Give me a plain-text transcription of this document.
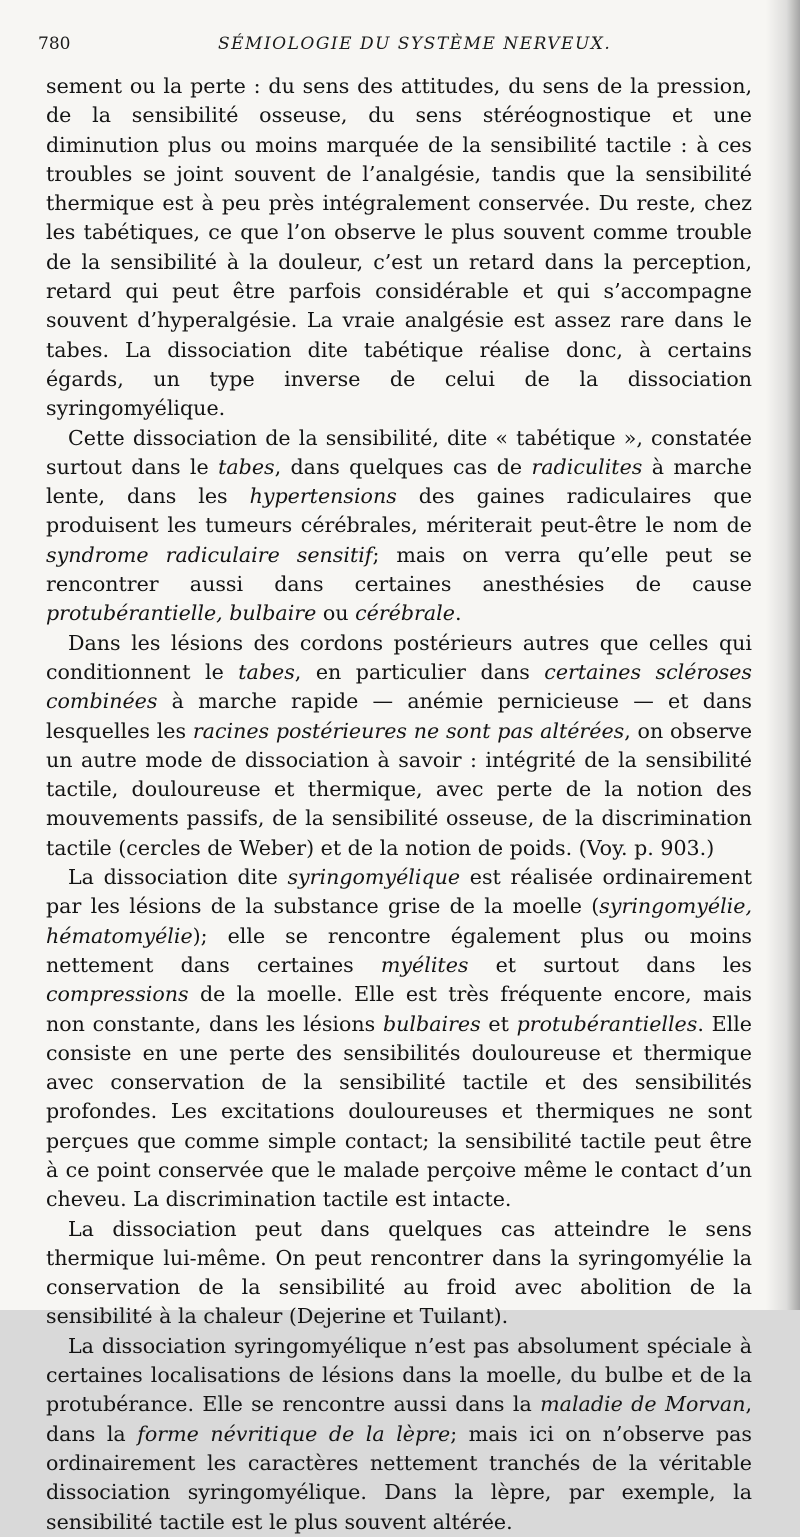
780	SÉMIOLOGIE DU SYSTÈME NERVEUX.

sement ou la perte : du sens des attitudes, du sens de la pression, de la sensibilité osseuse, du sens stéréognostique et une diminution plus ou moins marquée de la sensibilité tactile : à ces troubles se joint souvent de l’analgésie, tandis que la sensibilité thermique est à peu près intégralement conservée. Du reste, chez les tabétiques, ce que l’on observe le plus souvent comme trouble de la sensibilité à la douleur, c’est un retard dans la perception, retard qui peut être parfois considérable et qui s’accompagne souvent d’hyperalgésie. La vraie analgésie est assez rare dans le tabes. La dissociation dite tabétique réalise donc, à certains égards, un type inverse de celui de la dissociation syringomyélique.

Cette dissociation de la sensibilité, dite « tabétique », constatée surtout dans le tabes, dans quelques cas de radiculites à marche lente, dans les hypertensions des gaines radiculaires que produisent les tumeurs cérébrales, mériterait peut-être le nom de syndrome radiculaire sensitif; mais on verra qu’elle peut se rencontrer aussi dans certaines anesthésies de cause protubérantielle, bulbaire ou cérébrale.

Dans les lésions des cordons postérieurs autres que celles qui conditionnent le tabes, en particulier dans certaines scléroses combinées à marche rapide — anémie pernicieuse — et dans lesquelles les racines postérieures ne sont pas altérées, on observe un autre mode de dissociation à savoir : intégrité de la sensibilité tactile, douloureuse et thermique, avec perte de la notion des mouvements passifs, de la sensibilité osseuse, de la discrimination tactile (cercles de Weber) et de la notion de poids. (Voy. p. 903.)

La dissociation dite syringomyélique est réalisée ordinairement par les lésions de la substance grise de la moelle (syringomyélie, hématomyélie); elle se rencontre également plus ou moins nettement dans certaines myélites et surtout dans les compressions de la moelle. Elle est très fréquente encore, mais non constante, dans les lésions bulbaires et protubérantielles. Elle consiste en une perte des sensibilités douloureuse et thermique avec conservation de la sensibilité tactile et des sensibilités profondes. Les excitations douloureuses et thermiques ne sont perçues que comme simple contact; la sensibilité tactile peut être à ce point conservée que le malade perçoive même le contact d’un cheveu. La discrimination tactile est intacte.

La dissociation peut dans quelques cas atteindre le sens thermique lui-même. On peut rencontrer dans la syringomyélie la conservation de la sensibilité au froid avec abolition de la sensibilité à la chaleur (Dejerine et Tuilant).

La dissociation syringomyélique n’est pas absolument spéciale à certaines localisations de lésions dans la moelle, du bulbe et de la protubérance. Elle se rencontre aussi dans la maladie de Morvan, dans la forme névritique de la lèpre; mais ici on n’observe pas ordinairement les caractères nettement tranchés de la véritable dissociation syringomyélique. Dans la lèpre, par exemple, la sensibilité tactile est le plus souvent altérée.
